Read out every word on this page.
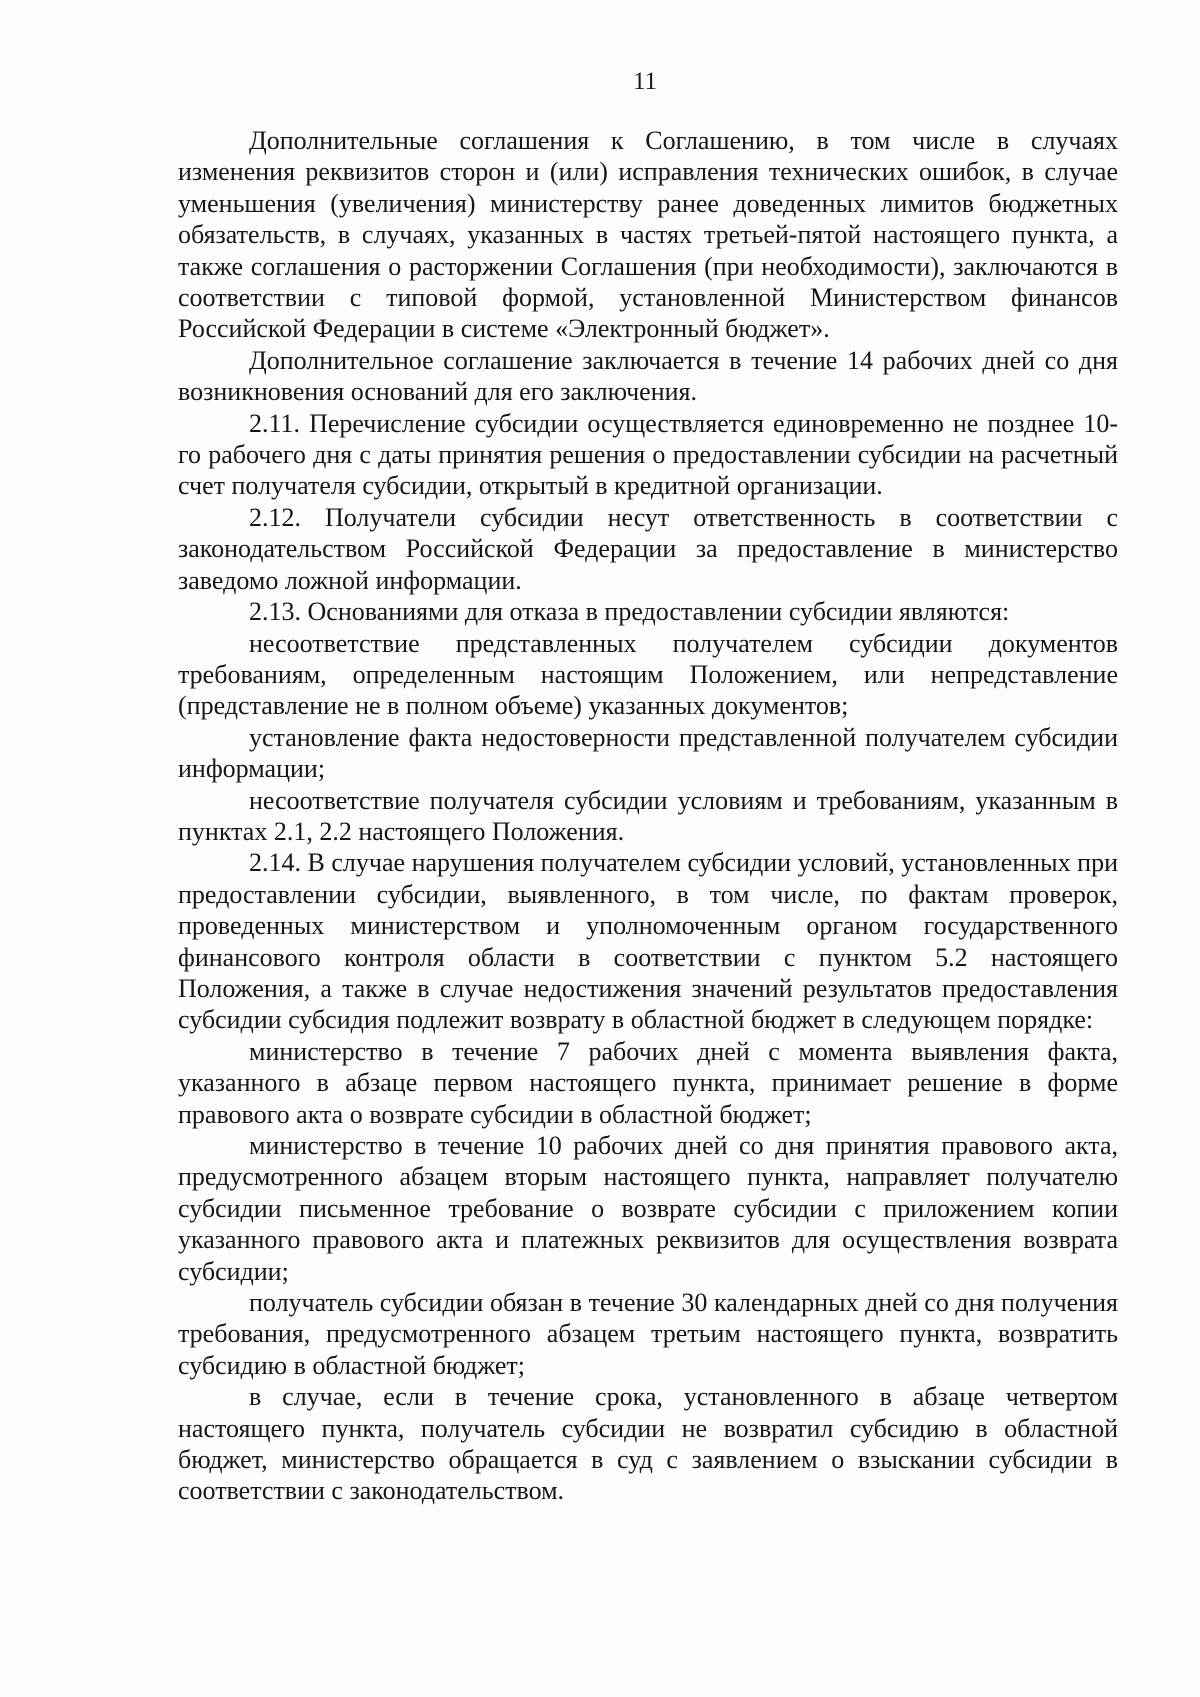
11

Дополнительные соглашения к Соглашению, в том числе в случаях изменения реквизитов сторон и (или) исправления технических ошибок, в случае уменьшения (увеличения) министерству ранее доведенных лимитов бюджетных обязательств, в случаях, указанных в частях третьей-пятой настоящего пункта, а также соглашения о расторжении Соглашения (при необходимости), заключаются в соответствии с типовой формой, установленной Министерством финансов Российской Федерации в системе «Электронный бюджет».

Дополнительное соглашение заключается в течение 14 рабочих дней со дня возникновения оснований для его заключения.

2.11. Перечисление субсидии осуществляется единовременно не позднее 10-го рабочего дня с даты принятия решения о предоставлении субсидии на расчетный счет получателя субсидии, открытый в кредитной организации.

2.12. Получатели субсидии несут ответственность в соответствии с законодательством Российской Федерации за предоставление в министерство заведомо ложной информации.

2.13. Основаниями для отказа в предоставлении субсидии являются:

несоответствие представленных получателем субсидии документов требованиям, определенным настоящим Положением, или непредставление (представление не в полном объеме) указанных документов;

установление факта недостоверности представленной получателем субсидии информации;

несоответствие получателя субсидии условиям и требованиям, указанным в пунктах 2.1, 2.2 настоящего Положения.

2.14. В случае нарушения получателем субсидии условий, установленных при предоставлении субсидии, выявленного, в том числе, по фактам проверок, проведенных министерством и уполномоченным органом государственного финансового контроля области в соответствии с пунктом 5.2 настоящего Положения, а также в случае недостижения значений результатов предоставления субсидии субсидия подлежит возврату в областной бюджет в следующем порядке:

министерство в течение 7 рабочих дней с момента выявления факта, указанного в абзаце первом настоящего пункта, принимает решение в форме правового акта о возврате субсидии в областной бюджет;

министерство в течение 10 рабочих дней со дня принятия правового акта, предусмотренного абзацем вторым настоящего пункта, направляет получателю субсидии письменное требование о возврате субсидии с приложением копии указанного правового акта и платежных реквизитов для осуществления возврата субсидии;

получатель субсидии обязан в течение 30 календарных дней со дня получения требования, предусмотренного абзацем третьим настоящего пункта, возвратить субсидию в областной бюджет;

в случае, если в течение срока, установленного в абзаце четвертом настоящего пункта, получатель субсидии не возвратил субсидию в областной бюджет, министерство обращается в суд с заявлением о взыскании субсидии в соответствии с законодательством.
